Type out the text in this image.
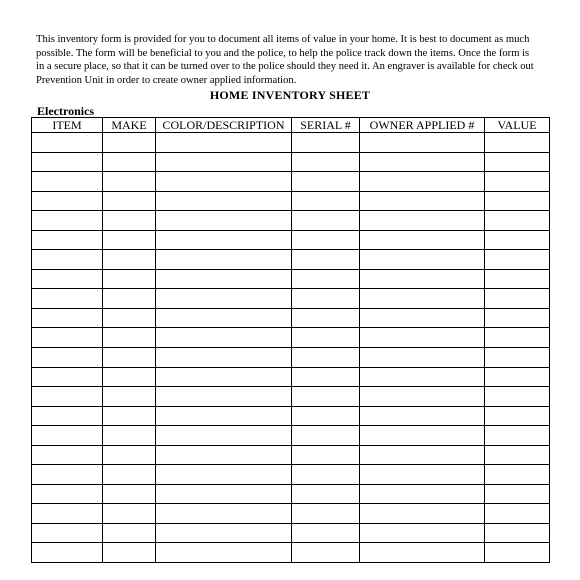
This inventory form is provided for you to document all items of value in your home. It is best to document as much
possible. The form will be beneficial to you and the police, to help the police track down the items. Once the form is
in a secure place, so that it can be turned over to the police should they need it. An engraver is available for check out
Prevention Unit in order to create owner applied information.
HOME INVENTORY SHEET
Electronics
ITEM	MAKE	COLOR/DESCRIPTION	SERIAL #	OWNER APPLIED #	VALUE
